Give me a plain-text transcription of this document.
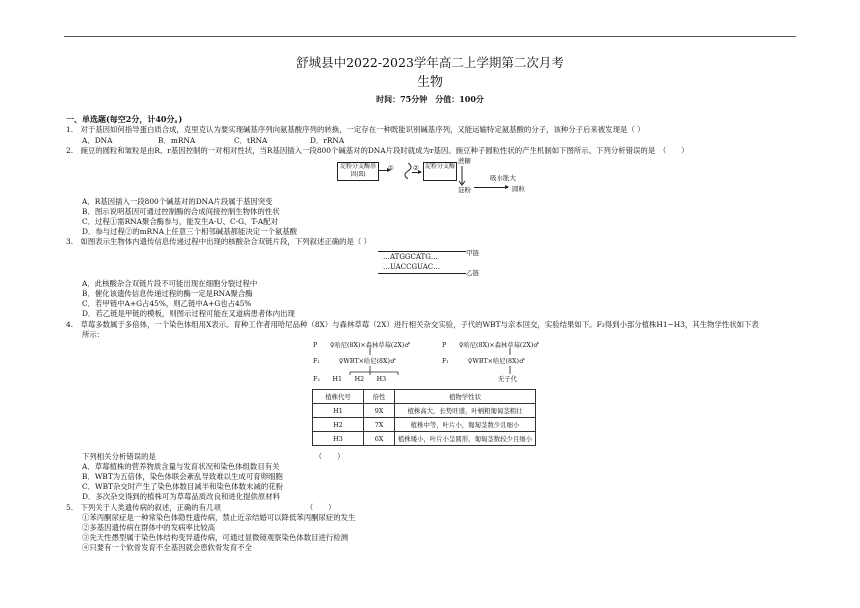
舒城县中2022-2023学年高二上学期第二次月考
生物
时间：75分钟　分值：100分
一、单选题(每空2分，计40分。)
1.　对于基因如何指导蛋白质合成，克里克认为要实现碱基序列向氨基酸序列的转换，一定存在一种既能识别碱基序列，又能运输特定氨基酸的分子，该种分子后来被发现是（ ）
A．DNA	B．mRNA	C．tRNA	D．rRNA
2.　豌豆的圆粒和皱粒是由R、r基因控制的一对相对性状，当R基因插入一段800个碱基对的DNA片段时就成为r基因。豌豆种子圆粒性状的产生机制如下图所示。下列分析错误的是　（　　）
淀粉分支酶基因(R)
①	②	淀粉分支酶
蔗糖
淀粉
吸水胀大
圆粒
A．R基因插入一段800个碱基对的DNA片段属于基因突变
B．图示说明基因可通过控制酶的合成间接控制生物体的性状
C．过程①需RNA聚合酶参与，能发生A-U、C-G、T-A配对
D．参与过程②的mRNA上任意三个相邻碱基都能决定一个氨基酸
3.　如图表示生物体内遗传信息传递过程中出现的核酸杂合双链片段，下列叙述正确的是（ ）
…ATGGCATG…
…UACCGUAC…
甲链
乙链
A．此核酸杂合双链片段不可能出现在细胞分裂过程中
B．催化该遗传信息传递过程的酶一定是RNA聚合酶
C．若甲链中A+G占45%，则乙链中A+G也占45%
D．若乙链是甲链的模板，则图示过程可能在叉道病患者体内出现
4.　草莓多数属于多倍体，一个染色体组用X表示。育种工作者用哈尼品种（8X）与森林草莓（2X）进行相关杂交实验，子代的WBT与亲本回交，实验结果如下。F₂得到小部分植株H1~H3，其生物学性状如下表
所示：
P　　♀哈尼(8X)×森林草莓(2X)♂
F₁　　　♀WBT×哈尼(8X)♂
F₂　　H1　　H2　　H3
P　　♀哈尼(8X)×森林草莓(2X)♂
F₁　　　♀WBT×哈尼(8X)♂
无子代
植株代号	倍性	植物学性状
H1	9X	植株高大，长势旺盛，叶柄粗匍匐茎粗壮
H2	7X	植株中等，叶片小，匍匐茎数少且细小
H3	6X	植株矮小，叶片小呈圆形，匍匐茎数较少且细小
下列相关分析错误的是　　　　　　　　　　　　　　　　　　　　　　（　　）
A．草莓植株的营养物质含量与发育状况和染色体组数目有关
B．WBT为五倍体，染色体联会紊乱导致难以生成可育卵细胞
C．WBT杂交时产生了染色体数目减半和染色体数未减的花粉
D．多次杂交得到的植株可为草莓品质改良和进化提供原材料
5.　下列关于人类遗传病的叙述，正确的有几项　　　　　　　　　　　　（　　）
①苯丙酮尿症是一种常染色体隐性遗传病，禁止近亲结婚可以降低苯丙酮尿症的发生
②多基因遗传病在群体中的发病率比较高
③先天性愚型属于染色体结构变异遗传病，可通过显微镜观察染色体数目进行检测
④只要有一个软骨发育不全基因就会患软骨发育不全
